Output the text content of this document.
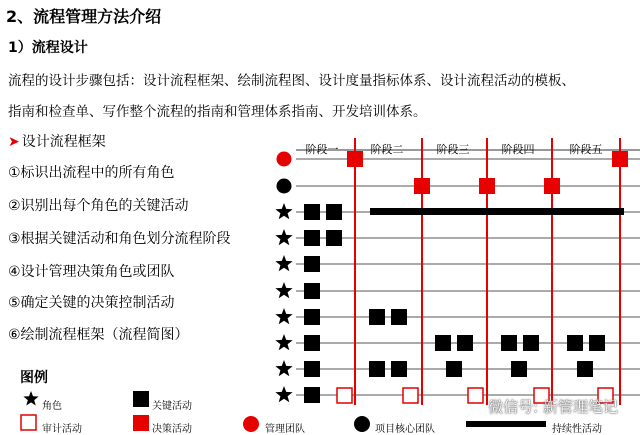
2、流程管理方法介绍
1）流程设计
流程的设计步骤包括：设计流程框架、绘制流程图、设计度量指标体系、设计流程活动的模板、
指南和检查单、写作整个流程的指南和管理体系指南、开发培训体系。
➤ 设计流程框架
①标识出流程中的所有角色
②识别出每个角色的关键活动
③根据关键活动和角色划分流程阶段
④设计管理决策角色或团队
⑤确定关键的决策控制活动
⑥绘制流程框架（流程简图）
阶段一	阶段二	阶段三	阶段四	阶段五
图例
角色	关键活动
审计活动	决策活动	管理团队	项目核心团队	持续性活动
微信号: 新管理笔记
